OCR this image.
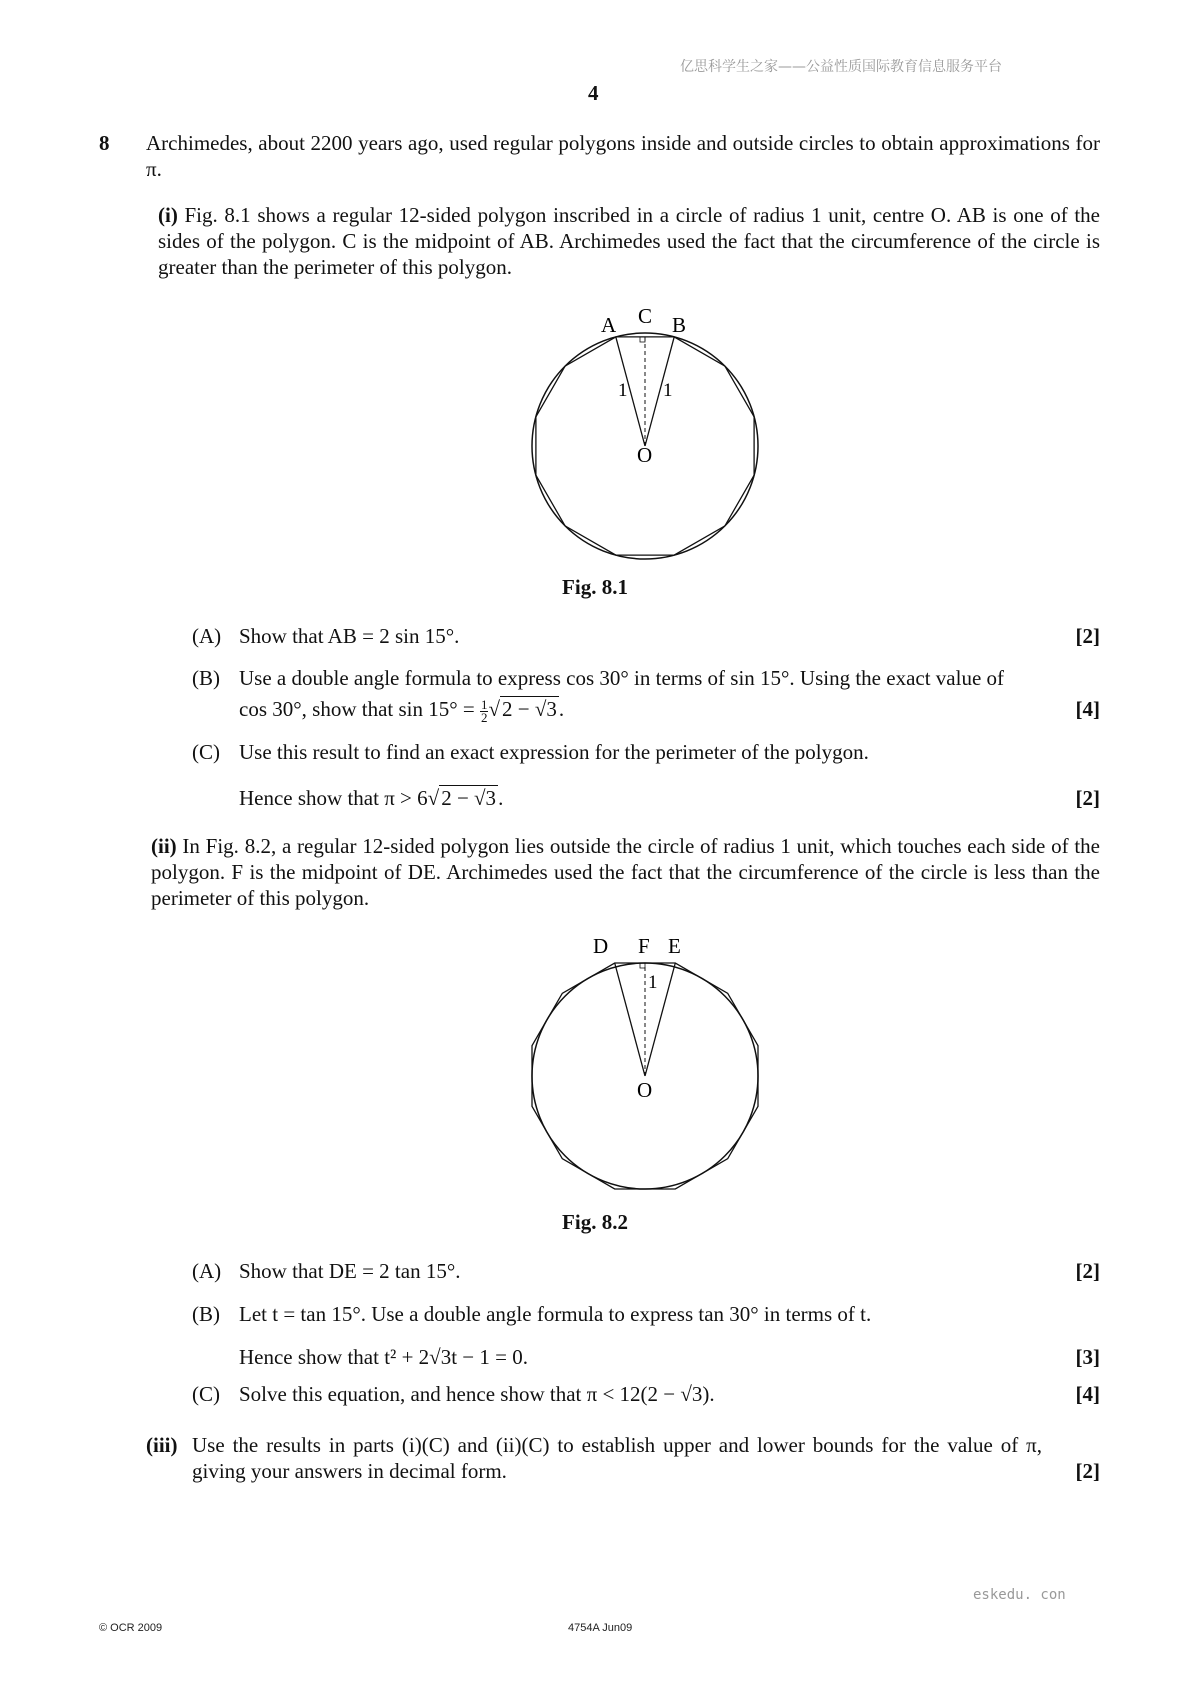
亿思科学生之家——公益性质国际教育信息服务平台
4
8 Archimedes, about 2200 years ago, used regular polygons inside and outside circles to obtain approximations for π.
(i) Fig. 8.1 shows a regular 12-sided polygon inscribed in a circle of radius 1 unit, centre O. AB is one of the sides of the polygon. C is the midpoint of AB. Archimedes used the fact that the circumference of the circle is greater than the perimeter of this polygon.
A C B
1 1
O
Fig. 8.1
(A) Show that AB = 2 sin 15°.	[2]
(B) Use a double angle formula to express cos 30° in terms of sin 15°. Using the exact value of
cos 30°, show that $\sin 15^\circ = \frac{1}{2} √2 - √3$.	[4]
(C) Use this result to find an exact expression for the perimeter of the polygon.
Hence show that π > 6√2 − √3.	[2]
(ii) In Fig. 8.2, a regular 12-sided polygon lies outside the circle of radius 1 unit, which touches each side of the polygon. F is the midpoint of DE. Archimedes used the fact that the circumference of the circle is less than the perimeter of this polygon.
D F E
1
O
Fig. 8.2
(A) Show that DE = 2 tan 15°.	[2]
(B) Let t = tan 15°. Use a double angle formula to express tan 30° in terms of t.
Hence show that t² + 2√3t − 1 = 0.	[3]
(C) Solve this equation, and hence show that π < 12(2 − √3).	[4]
(iii) Use the results in parts (i)(C) and (ii)(C) to establish upper and lower bounds for the value of π, giving your answers in decimal form.	[2]
eskedu. con
© OCR 2009	4754A Jun09
